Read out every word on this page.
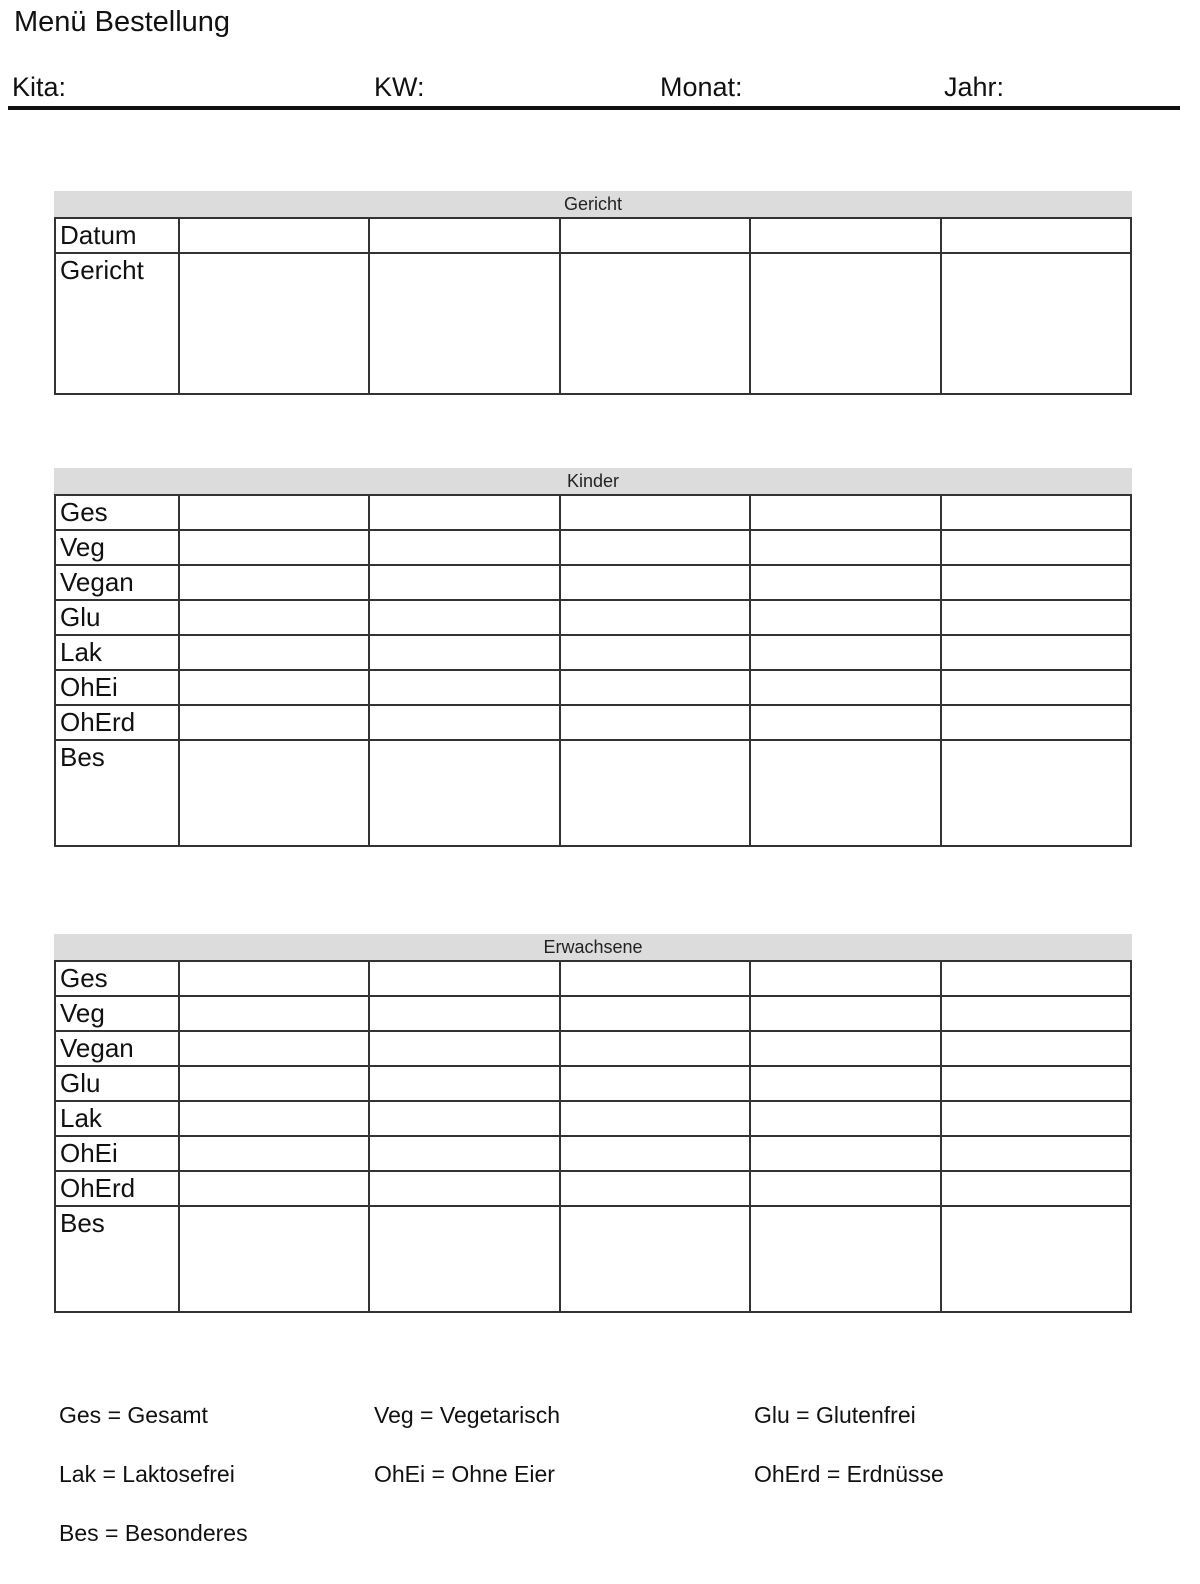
Menü Bestellung
Kita:	KW:	Monat:	Jahr:
Gericht
Datum					
Gericht					
Kinder
Ges					
Veg					
Vegan					
Glu					
Lak					
OhEi					
OhErd					
Bes					
Erwachsene
Ges					
Veg					
Vegan					
Glu					
Lak					
OhEi					
OhErd					
Bes					
Ges = Gesamt	Veg = Vegetarisch	Glu = Glutenfrei
Lak = Laktosefrei	OhEi = Ohne Eier	OhErd = Erdnüsse
Bes = Besonderes
